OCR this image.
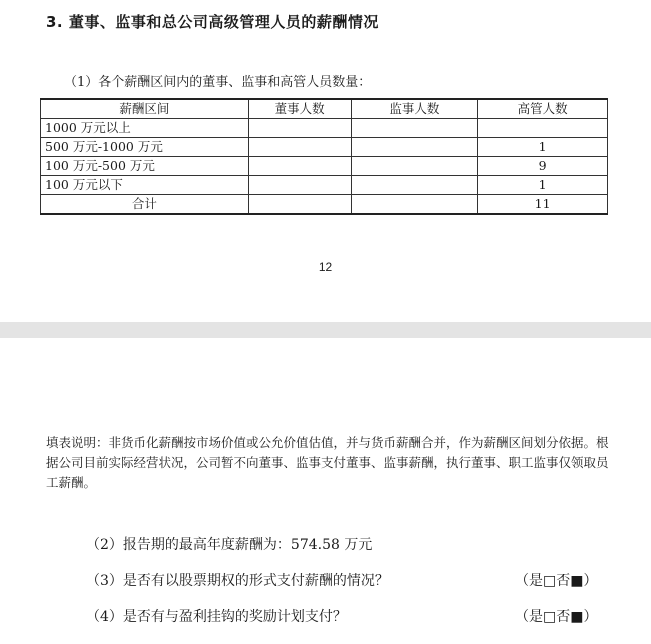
3. 董事、监事和总公司高级管理人员的薪酬情况
（1）各个薪酬区间内的董事、监事和高管人员数量：
薪酬区间	董事人数	监事人数	高管人数
1000 万元以上			
500 万元-1000 万元			1
100 万元-500 万元			9
100 万元以下			1
合计			11
12
填表说明：非货币化薪酬按市场价值或公允价值估值，并与货币薪酬合并，作为薪酬区间划分依据。根据公司目前实际经营状况，公司暂不向董事、监事支付董事、监事薪酬，执行董事、职工监事仅领取员工薪酬。
（2）报告期的最高年度薪酬为：574.58 万元
（3）是否有以股票期权的形式支付薪酬的情况？	（是□否■）
（4）是否有与盈利挂钩的奖励计划支付？	（是□否■）
